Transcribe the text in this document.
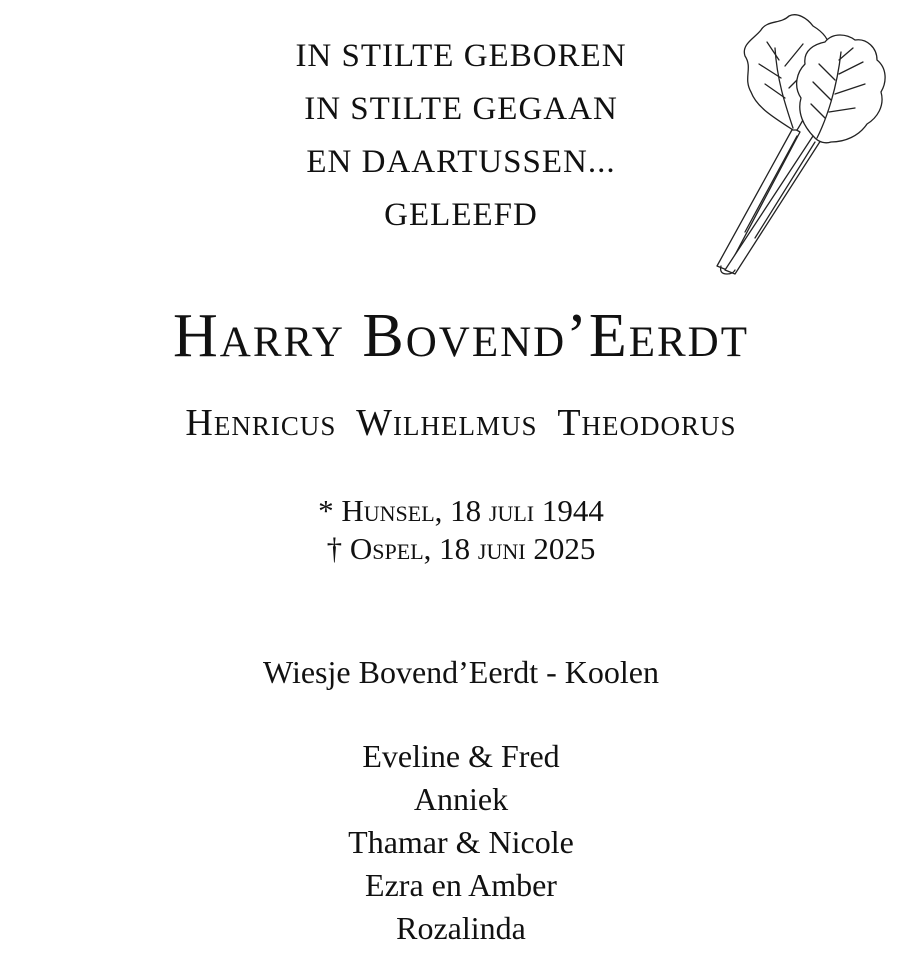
IN STILTE GEBOREN
IN STILTE GEGAAN
EN DAARTUSSEN...
GELEEFD
Harry Bovend’Eerdt
Henricus Wilhelmus Theodorus
* Hunsel, 18 juli 1944
† Ospel, 18 juni 2025
Wiesje Bovend’Eerdt - Koolen
Eveline & Fred
Anniek
Thamar & Nicole
Ezra en Amber
Rozalinda
